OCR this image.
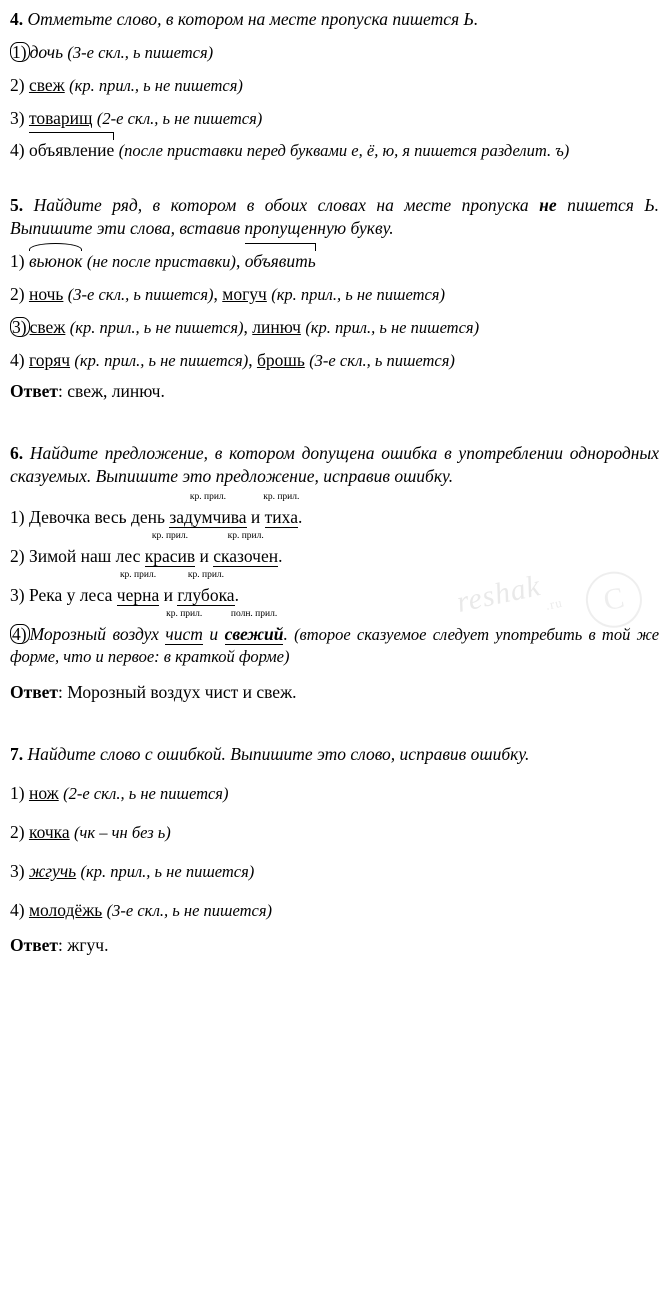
reshak .ru	C

4. Отметьте слово, в котором на месте пропуска пишется Ь.

1) дочь (3-е скл., ь пишется)

2) свеж (кр. прил., ь не пишется)

3) товарищ (2-е скл., ь не пишется)

4) объявление (после приставки перед буквами е, ё, ю, я пишется разделит. ъ)

5. Найдите ряд, в котором в обоих словах на месте пропуска не пишется Ь. Выпишите эти слова, вставив пропущенную букву.

1) вьюнок (не после приставки), объявить

2) ночь (3-е скл., ь пишется), могуч (кр. прил., ь не пишется)

3) свеж (кр. прил., ь не пишется), линюч (кр. прил., ь не пишется)

4) горяч (кр. прил., ь не пишется), брошь (3-е скл., ь пишется)

Ответ: свеж, линюч.

6. Найдите предложение, в котором допущена ошибка в употреблении однородных сказуемых. Выпишите это предложение, исправив ошибку.

1) Девочка весь день
кр. прил.
задумчива и
кр. прил.
тиха.

2) Зимой наш лес
кр. прил.
красив и
кр. прил.
сказочен.

3) Река у леса
кр. прил.
черна и
кр. прил.
глубока.

4) Морозный воздух
кр. прил.
чист и
полн. прил.
свежий. (второе сказуемое следует употребить в той же форме, что и первое: в краткой форме)

Ответ: Морозный воздух чист и свеж.

7. Найдите слово с ошибкой. Выпишите это слово, исправив ошибку.

1) нож (2-е скл., ь не пишется)

2) кочка (чк – чн без ь)

3) жгучь (кр. прил., ь не пишется)

4) молодёжь (3-е скл., ь не пишется)

Ответ: жгуч.
